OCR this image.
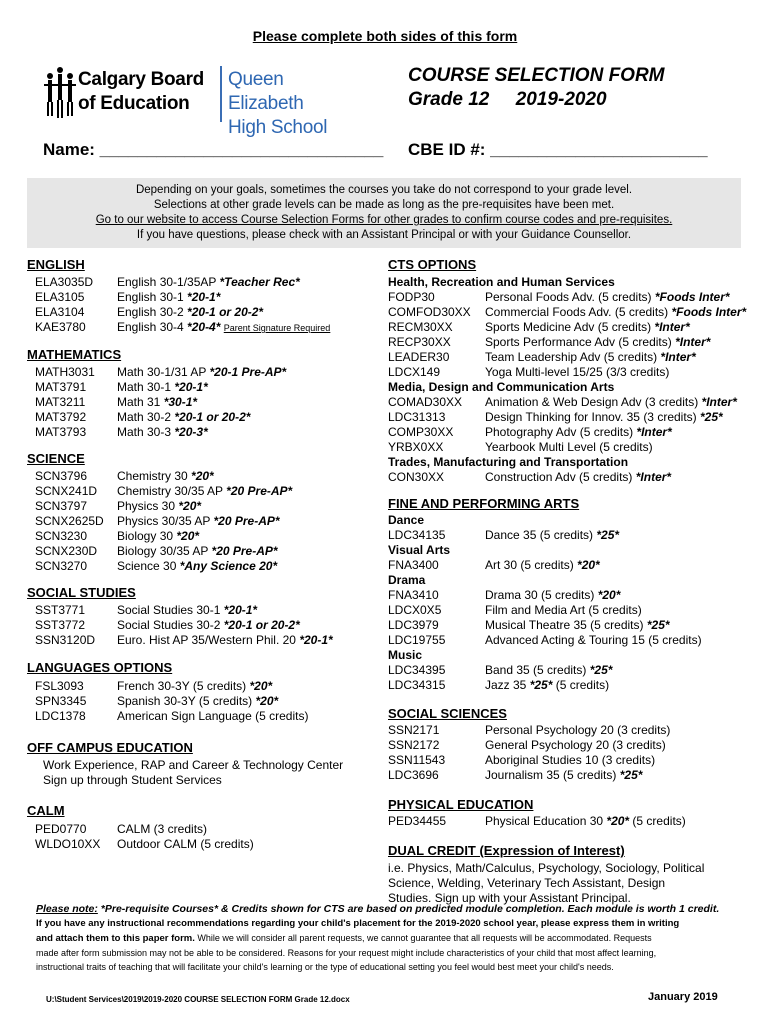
Please complete both sides of this form
Calgary Board
of Education
Queen Elizabeth
High School
COURSE SELECTION FORM
Grade 12     2019-2020
Name: ______________________________ CBE ID #: _______________________
Depending on your goals, sometimes the courses you take do not correspond to your grade level.
Selections at other grade levels can be made as long as the pre-requisites have been met.
Go to our website to access Course Selection Forms for other grades to confirm course codes and pre-requisites.
If you have questions, please check with an Assistant Principal or with your Guidance Counsellor.
ENGLISH
ELA3035D English 30-1/35AP *Teacher Rec*
ELA3105	English 30-1 *20-1*
ELA3104	English 30-2 *20-1 or 20-2*
KAE3780	English 30-4 *20-4* Parent Signature Required
MATHEMATICS
MATH3031 Math 30-1/31 AP *20-1 Pre-AP*
MAT3791	Math 30-1 *20-1*
MAT3211	Math 31 *30-1*
MAT3792	Math 30-2 *20-1 or 20-2*
MAT3793	Math 30-3 *20-3*
SCIENCE
SCN3796 Chemistry 30 *20*
SCNX241D Chemistry 30/35 AP *20 Pre-AP*
SCN3797 Physics 30 *20*
SCNX2625D Physics 30/35 AP *20 Pre-AP*
SCN3230 Biology 30 *20*
SCNX230D Biology 30/35 AP *20 Pre-AP*
SCN3270 Science 30 *Any Science 20*
SOCIAL STUDIES
SST3771	Social Studies 30-1 *20-1*
SST3772	Social Studies 30-2 *20-1 or 20-2*
SSN3120D Euro. Hist AP 35/Western Phil. 20 *20-1*
LANGUAGES OPTIONS
FSL3093	French 30-3Y (5 credits) *20*
SPN3345	Spanish 30-3Y (5 credits) *20*
LDC1378	American Sign Language (5 credits)
OFF CAMPUS EDUCATION
Work Experience, RAP and Career & Technology Center
Sign up through Student Services
CALM
PED0770	CALM (3 credits)
WLDO10XX Outdoor CALM (5 credits)
CTS OPTIONS
Health, Recreation and Human Services
FODP30	Personal Foods Adv. (5 credits) *Foods Inter*
COMFOD30XX Commercial Foods Adv. (5 credits) *Foods Inter*
RECM30XX	Sports Medicine Adv (5 credits) *Inter*
RECP30XX	Sports Performance Adv (5 credits) *Inter*
LEADER30	Team Leadership Adv (5 credits) *Inter*
LDCX149	Yoga Multi-level 15/25 (3/3 credits)
Media, Design and Communication Arts
COMAD30XX Animation & Web Design Adv (3 credits) *Inter*
LDC31313	Design Thinking for Innov. 35 (3 credits) *25*
COMP30XX	Photography Adv (5 credits) *Inter*
YRBX0XX	Yearbook Multi Level (5 credits)
Trades, Manufacturing and Transportation
CON30XX	Construction Adv (5 credits) *Inter*
FINE AND PERFORMING ARTS
Dance
LDC34135	Dance 35 (5 credits) *25*
Visual Arts
FNA3400	Art 30 (5 credits) *20*
Drama
FNA3410	Drama 30 (5 credits) *20*
LDCX0X5	Film and Media Art (5 credits)
LDC3979	Musical Theatre 35 (5 credits) *25*
LDC19755	Advanced Acting & Touring 15 (5 credits)
Music
LDC34395	Band 35 (5 credits) *25*
LDC34315	Jazz 35 *25* (5 credits)
SOCIAL SCIENCES
SSN2171	Personal Psychology 20 (3 credits)
SSN2172	General Psychology 20 (3 credits)
SSN11543	Aboriginal Studies 10 (3 credits)
LDC3696	Journalism 35 (5 credits) *25*
PHYSICAL EDUCATION
PED34455	Physical Education 30 *20* (5 credits)
DUAL CREDIT (Expression of Interest)
i.e. Physics, Math/Calculus, Psychology, Sociology, Political
Science, Welding, Veterinary Tech Assistant, Design
Studies. Sign up with your Assistant Principal.
Please note: *Pre-requisite Courses* & Credits shown for CTS are based on predicted module completion. Each module is worth 1 credit.
If you have any instructional recommendations regarding your child's placement for the 2019-2020 school year, please express them in writing
and attach them to this paper form. While we will consider all parent requests, we cannot guarantee that all requests will be accommodated. Requests
made after form submission may not be able to be considered. Reasons for your request might include characteristics of your child that most affect learning,
instructional traits of teaching that will facilitate your child's learning or the type of educational setting you feel would best meet your child's needs.
U:\Student Services\2019\2019-2020 COURSE SELECTION FORM Grade 12.docx	January 2019
